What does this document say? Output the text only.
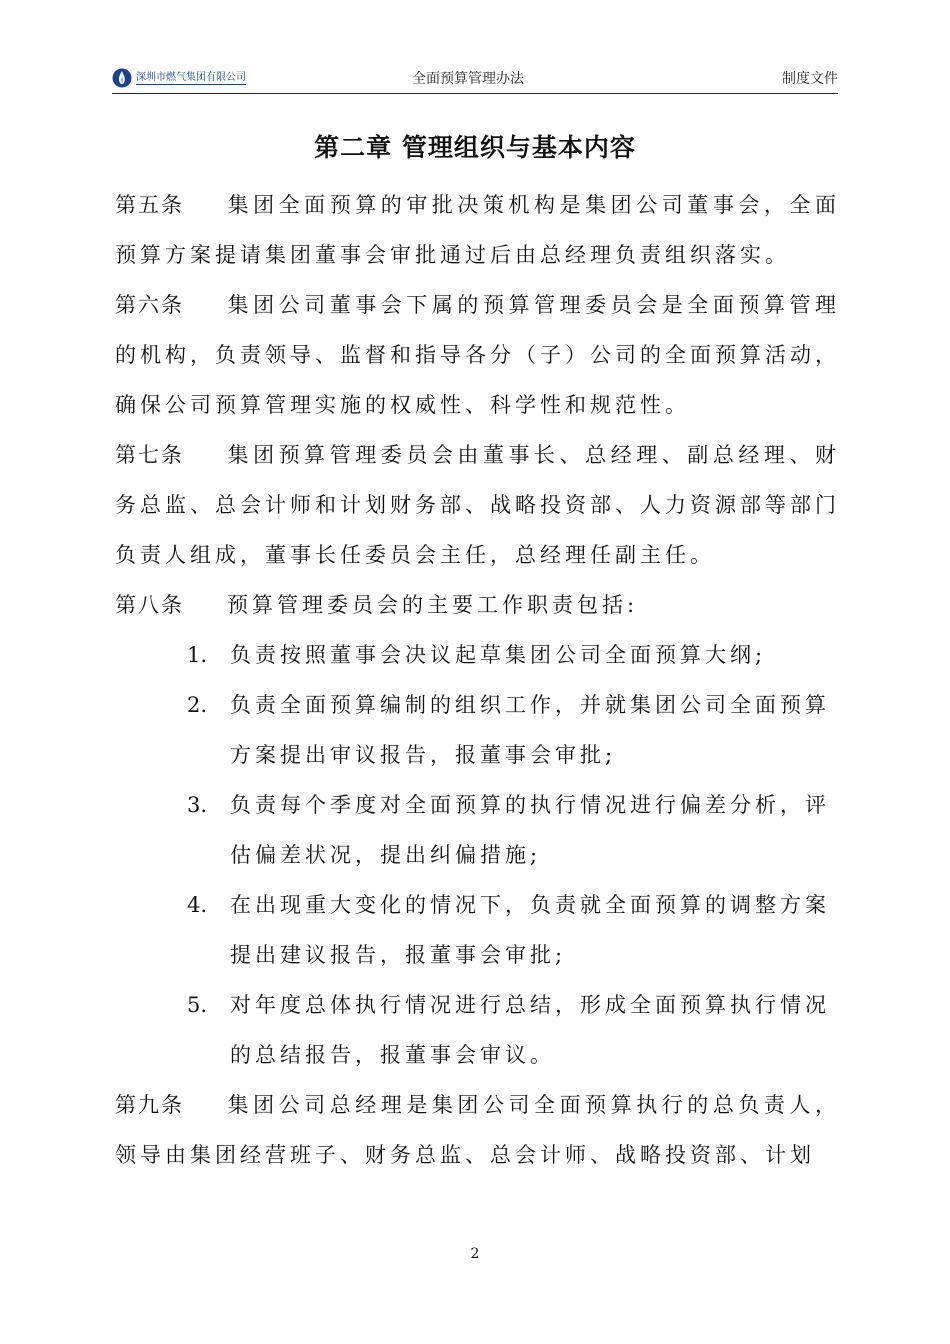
深圳市燃气集团有限公司	全面预算管理办法	制度文件
第二章 管理组织与基本内容

第五条 集团全面预算的审批决策机构是集团公司董事会，全面预算方案提请集团董事会审批通过后由总经理负责组织落实。

第六条 集团公司董事会下属的预算管理委员会是全面预算管理的机构，负责领导、监督和指导各分（子）公司的全面预算活动，确保公司预算管理实施的权威性、科学性和规范性。

第七条 集团预算管理委员会由董事长、总经理、副总经理、财务总监、总会计师和计划财务部、战略投资部、人力资源部等部门负责人组成，董事长任委员会主任，总经理任副主任。

第八条 预算管理委员会的主要工作职责包括:

1. 负责按照董事会决议起草集团公司全面预算大纲;
2. 负责全面预算编制的组织工作，并就集团公司全面预算方案提出审议报告，报董事会审批;
3. 负责每个季度对全面预算的执行情况进行偏差分析，评估偏差状况，提出纠偏措施;
4. 在出现重大变化的情况下，负责就全面预算的调整方案提出建议报告，报董事会审批;
5. 对年度总体执行情况进行总结，形成全面预算执行情况的总结报告，报董事会审议。

第九条 集团公司总经理是集团公司全面预算执行的总负责人，领导由集团经营班子、财务总监、总会计师、战略投资部、计划

2
